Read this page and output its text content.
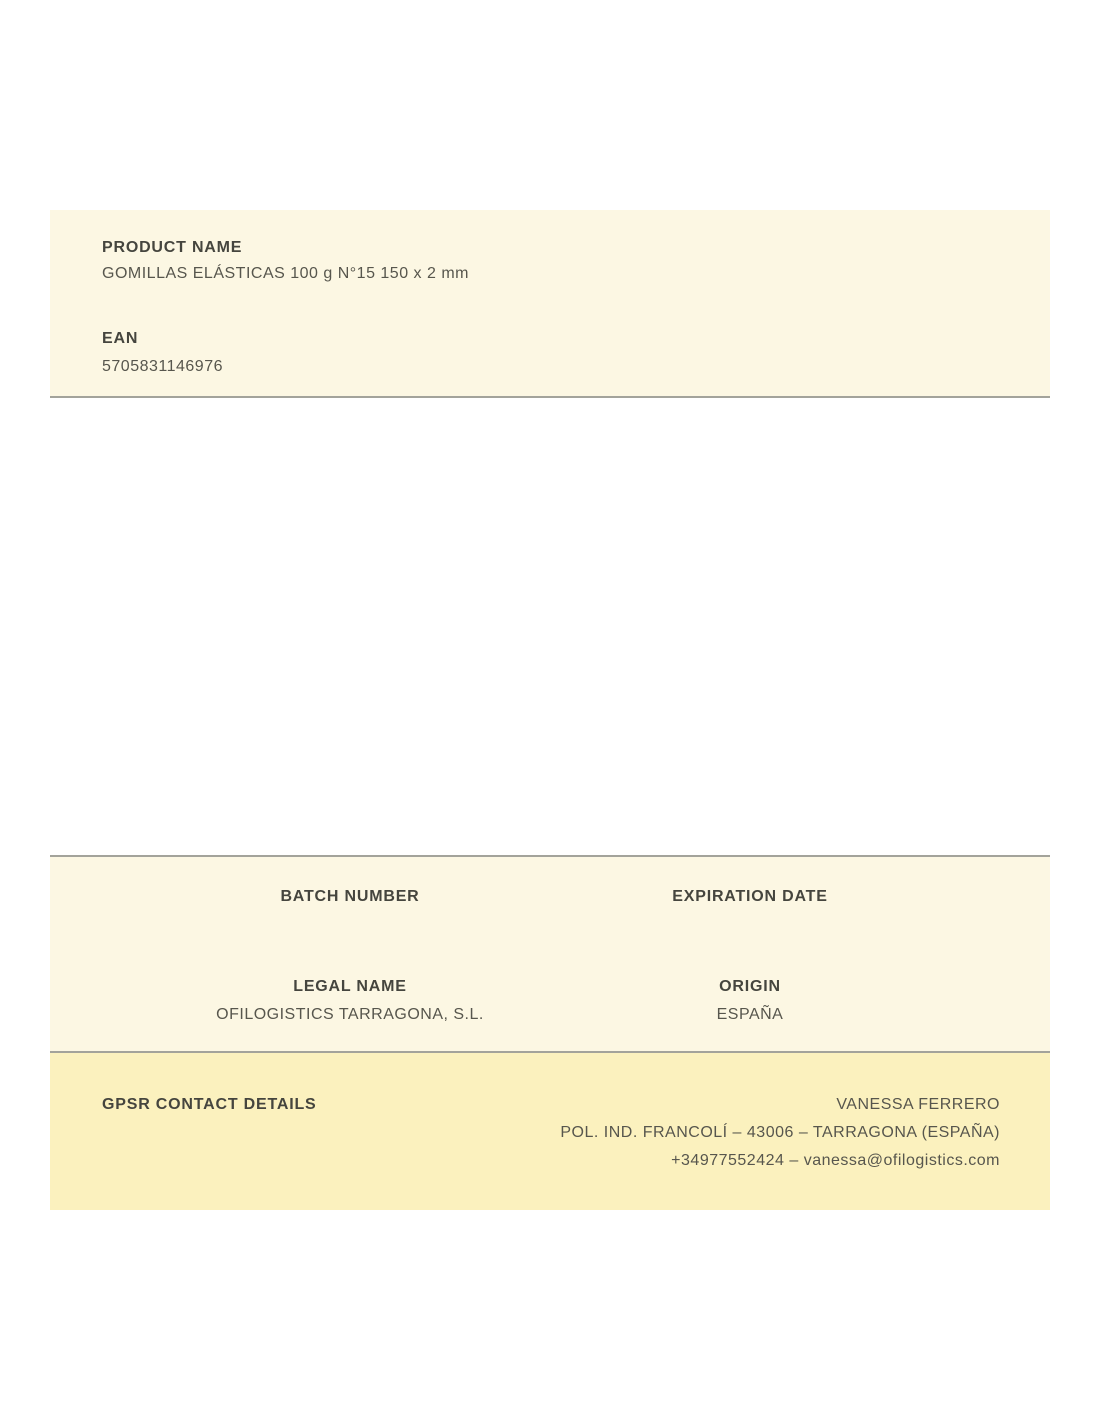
PRODUCT NAME

GOMILLAS ELÁSTICAS 100 g N°15 150 x 2 mm

EAN

5705831146976

BATCH NUMBER	EXPIRATION DATE
LEGAL NAME	ORIGIN
OFILOGISTICS TARRAGONA, S.L.	ESPAÑA

GPSR CONTACT DETAILS	VANESSA FERRERO

POL. IND. FRANCOLÍ – 43006 – TARRAGONA (ESPAÑA)

+34977552424 – vanessa@ofilogistics.com
